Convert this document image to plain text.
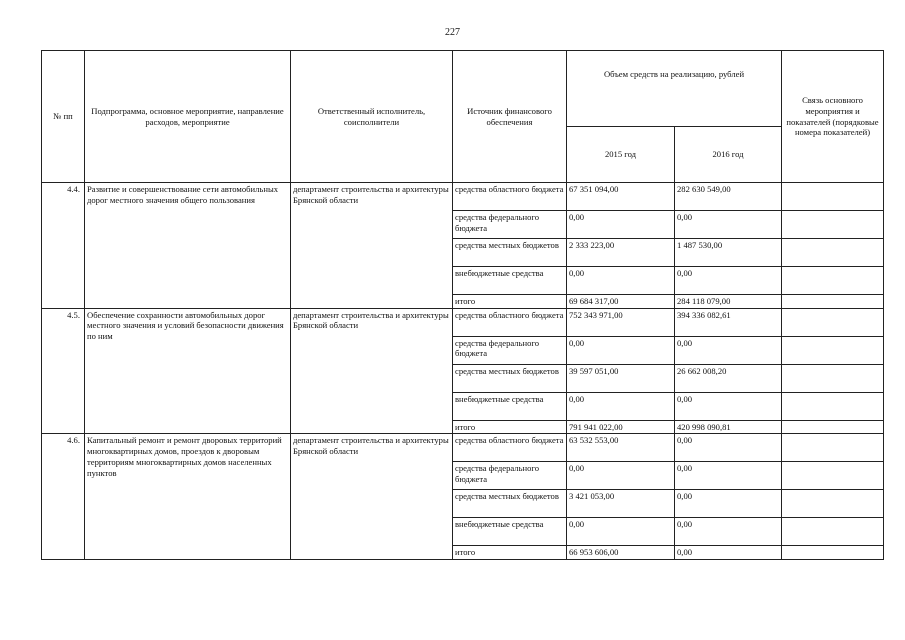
227
№ пп	Подпрограмма, основное мероприятие, направление расходов, мероприятие	Ответственный исполнитель, соисполнители	Источник финансового обеспечения	Объем средств на реализацию, рублей		Связь основного мероприятия и показателей (порядковые номера показателей)
				2015 год	2016 год	
4.4.	Развитие и совершенствование сети автомобильных дорог местного значения общего пользования	департамент строительства и архитектуры Брянской области	средства областного бюджета	67 351 094,00	282 630 549,00	
			средства федерального бюджета	0,00	0,00	
			средства местных бюджетов	2 333 223,00	1 487 530,00	
			внебюджетные средства	0,00	0,00	
			итого	69 684 317,00	284 118 079,00	
4.5.	Обеспечение сохранности автомобильных дорог местного значения и условий безопасности движения по ним	департамент строительства и архитектуры Брянской области	средства областного бюджета	752 343 971,00	394 336 082,61	
			средства федерального бюджета	0,00	0,00	
			средства местных бюджетов	39 597 051,00	26 662 008,20	
			внебюджетные средства	0,00	0,00	
			итого	791 941 022,00	420 998 090,81	
4.6.	Капитальный ремонт и ремонт дворовых территорий многоквартирных домов, проездов к дворовым территориям многоквартирных домов населенных пунктов	департамент строительства и архитектуры Брянской области	средства областного бюджета	63 532 553,00	0,00	
			средства федерального бюджета	0,00	0,00	
			средства местных бюджетов	3 421 053,00	0,00	
			внебюджетные средства	0,00	0,00	
			итого	66 953 606,00	0,00	
